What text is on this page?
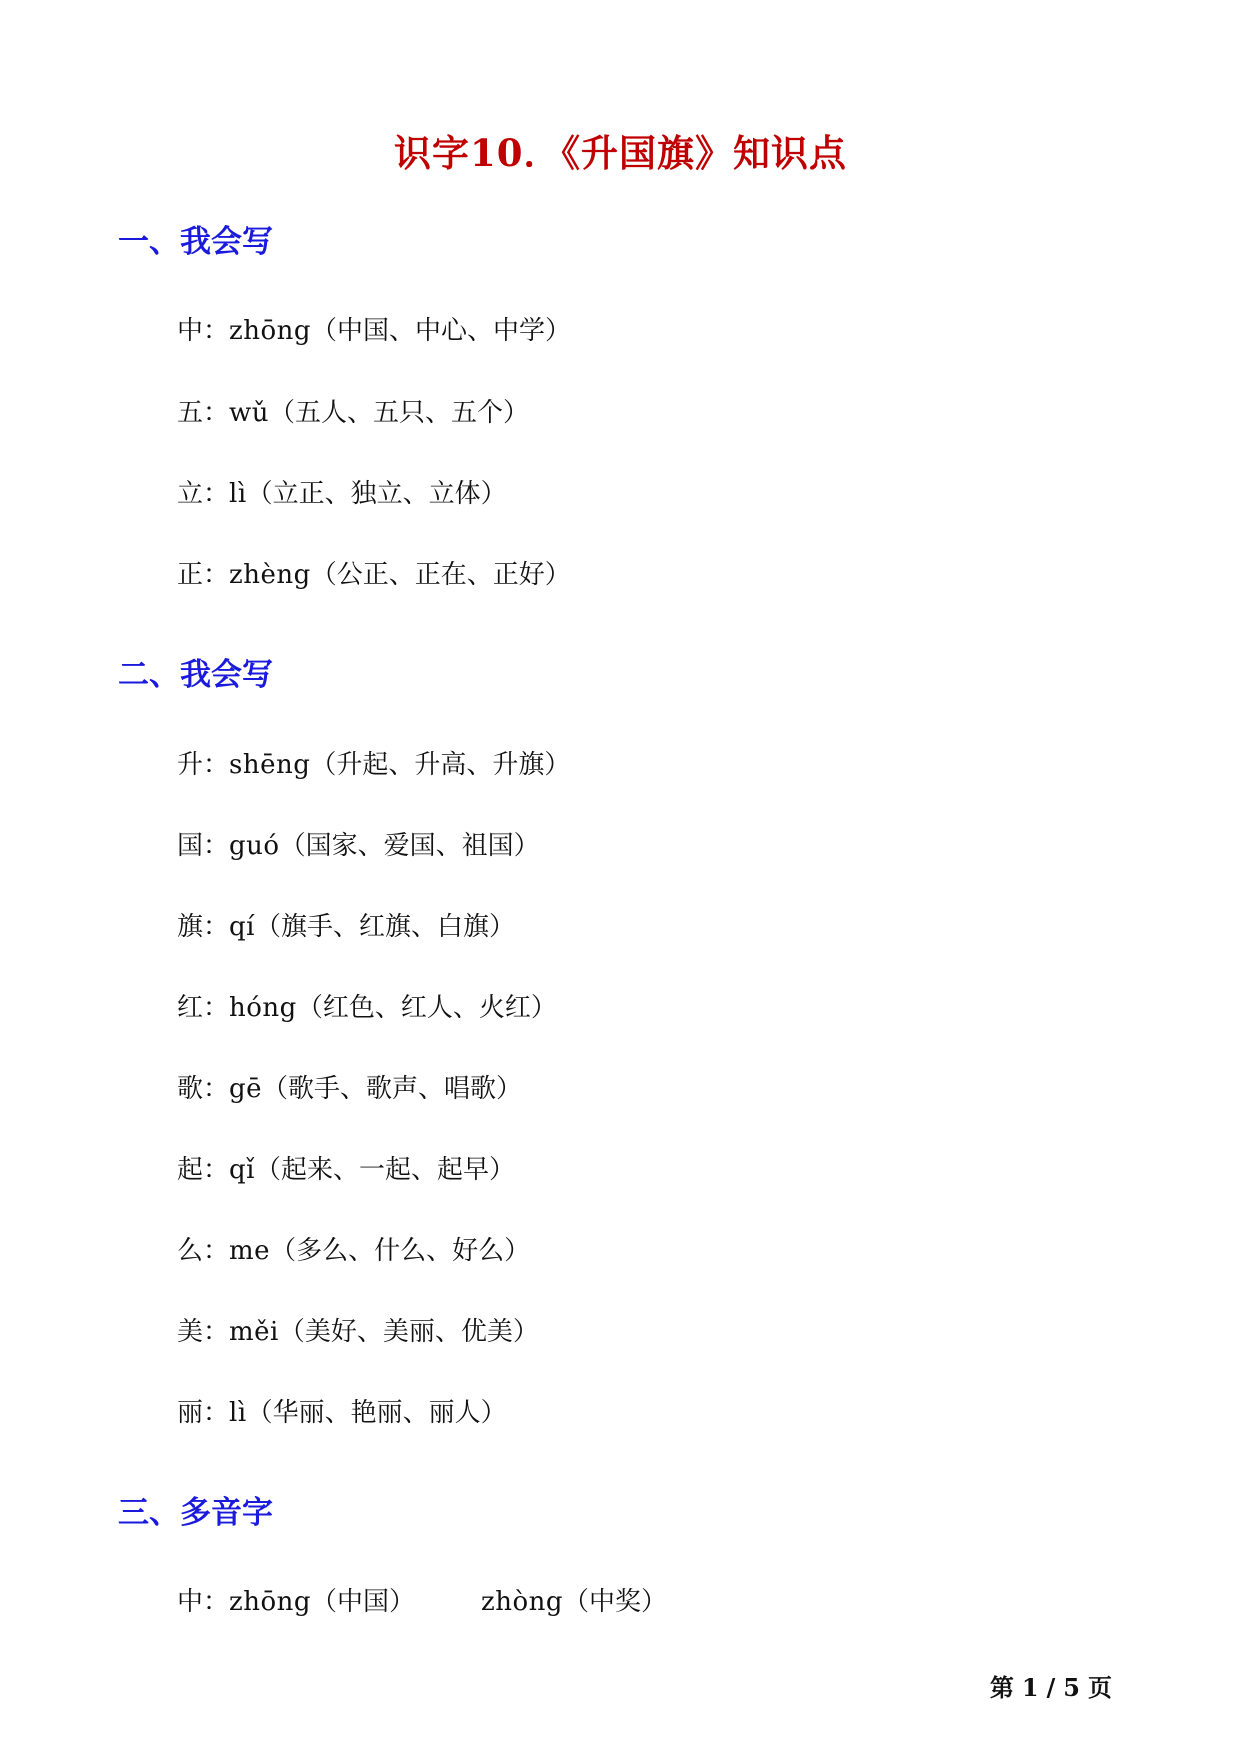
识字10．《升国旗》知识点
一、我会写
中：zhōng（中国、中心、中学）
五：wǔ（五人、五只、五个）
立：lì（立正、独立、立体）
正：zhèng（公正、正在、正好）
二、我会写
升：shēng（升起、升高、升旗）
国：guó（国家、爱国、祖国）
旗：qí（旗手、红旗、白旗）
红：hóng（红色、红人、火红）
歌：gē（歌手、歌声、唱歌）
起：qǐ（起来、一起、起早）
么：me（多么、什么、好么）
美：měi（美好、美丽、优美）
丽：lì（华丽、艳丽、丽人）
三、多音字
中：zhōng（中国）	zhòng（中奖）
第 1 / 5 页
